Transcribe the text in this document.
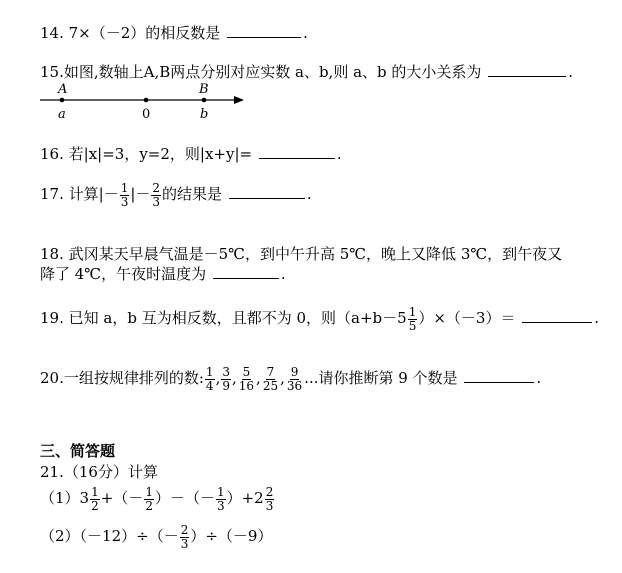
14. 7×（－2）的相反数是	.
15.如图,数轴上A,B两点分别对应实数 a、b,则 a、b 的大小关系为	.
A
a	0
B
b
16. 若|x|=3，y=2，则|x+y|=	.
17. 计算|－ $\frac{1}{3}$ |－ $\frac{2}{3}$ 的结果是	.
18. 武冈某天早晨气温是－5℃，到中午升高 5℃，晚上又降低 3℃，到午夜又
降了 4℃，午夜时温度为	.
19. 已知 a，b 互为相反数，且都不为 0，则$(a+b-5 \frac{1}{5} )\times(-3)=$	.
20.一组按规律排列的数: $\frac{1}{4}$ , $\frac{3}{9}$ , $\frac{5}{16}$ , $\frac{7}{25}$ , $\frac{9}{36}$ ...请你推断第 9 个数是	.
三、简答题
21.（16分）计算
$(1)3 \frac{1}{2}$ +（－ $\frac{1}{2}$ ）－（－ $\frac{1}{3} )+2 \frac{2}{3}$
$(2)(-12)\div(- \frac{2}{3} )\div(-9)$
